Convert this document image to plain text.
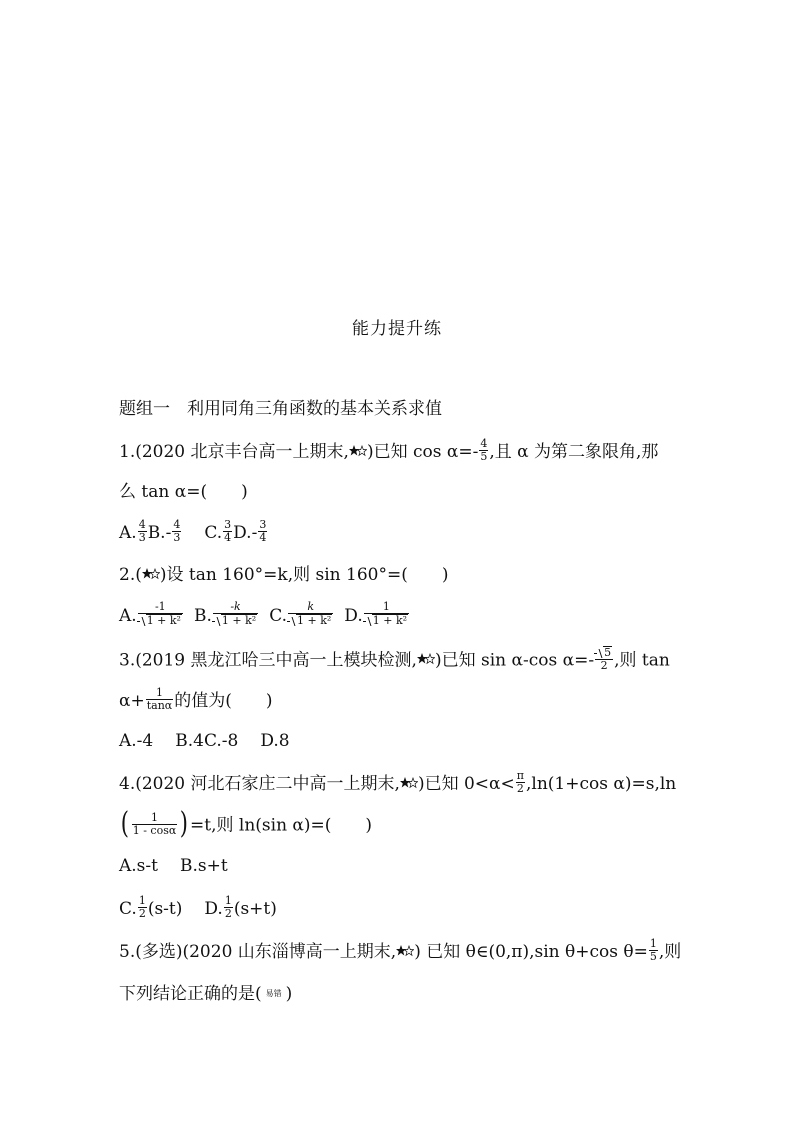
能力提升练
题组一　利用同角三角函数的基本关系求值
1.(2020 北京丰台高一上期末, )已知 $\cos \alpha=- \frac{4}{5}$ ,且 α 为第二象限角,那
么 tan α=(　　)
A. $\frac{4}{3} B.- \frac{4}{3} C$. $\frac{3}{4} D.- \frac{3}{4}$
2.( )设 tan 160°=k,则 sin 160°=(　　)
A. $\frac{-1}{\text{1 + k²}} B$. $\frac{-k}{\text{1 + k²}} C$. $\frac{k}{\text{1 + k²}} D$. $\frac{1}{\text{1 + k²}}$
3.(2019 黑龙江哈三中高一上模块检测, )已知 sin α-cos $\alpha=- \frac{5}{2}$ ,则 tan
$\alpha+ \frac{1}{\tan\alpha}$ 的值为(　　)
A.-4 B.4C.-8 D.8
4.(2020 河北石家庄二中高一上期末, )已知 $0<\alpha< \frac{\pi}{2} ,\ln(1+\cos$ α)=s,ln
( $\frac{1}{1 - \cos\alpha}$ ) =t,则 ln(sin α)=(　　)
A.s-t B.s+t
C. $\frac{1}{2} (s-t)$ D. $\frac{1}{2} (s+t)$
5.(多选)(2020 山东淄博高一上期末, ) 已知 θ∈(0,π),sin θ+cos $\theta= \frac{1}{5}$ ,则
下列结论正确的是( 易错 )
